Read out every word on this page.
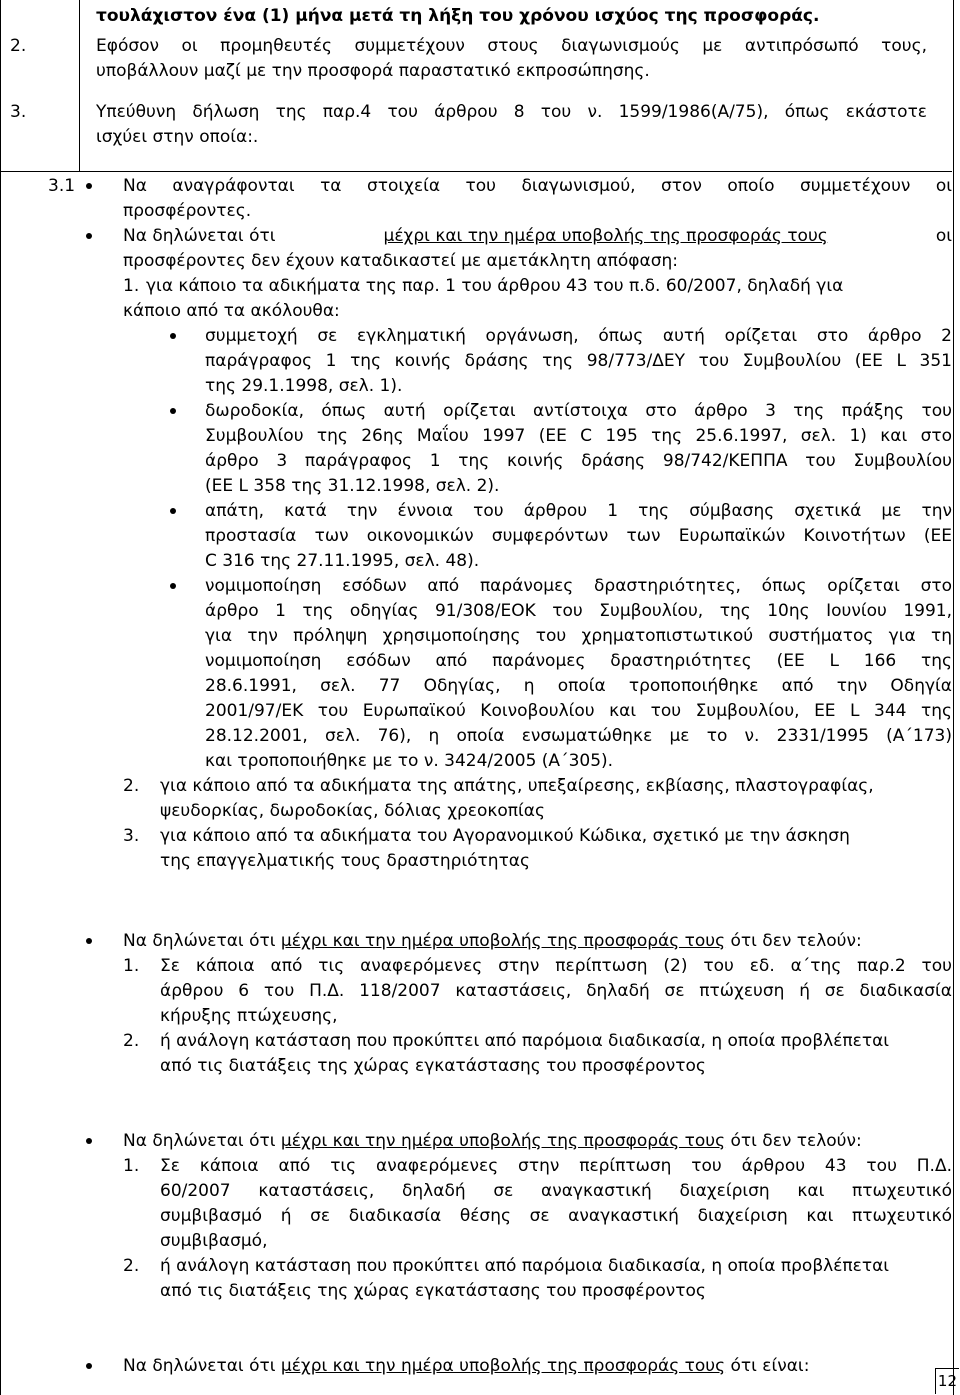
τουλάχιστον ένα (1) μήνα μετά τη λήξη του χρόνου ισχύος της προσφοράς.
2.	Εφόσον οι προμηθευτές συμμετέχουν στους διαγωνισμούς με αντιπρόσωπό τους,
υποβάλλουν μαζί με την προσφορά παραστατικό εκπροσώπησης.
3.	Υπεύθυνη δήλωση της παρ.4 του άρθρου 8 του ν. 1599/1986(Α/75), όπως εκάστοτε
ισχύει στην οποία:.
3.1	Να αναγράφονται τα στοιχεία του διαγωνισμού, στον οποίο συμμετέχουν οι
προσφέροντες.
Να δηλώνεται ότι	μέχρι και την ημέρα υποβολής της προσφοράς τους	οι
προσφέροντες δεν έχουν καταδικαστεί με αμετάκλητη απόφαση:
1. για κάποιο τα αδικήματα της παρ. 1 του άρθρου 43 του π.δ. 60/2007, δηλαδή για
κάποιο από τα ακόλουθα:
συμμετοχή σε εγκληματική οργάνωση, όπως αυτή ορίζεται στο άρθρο 2
παράγραφος 1 της κοινής δράσης της 98/773/ΔΕΥ του Συμβουλίου (ΕΕ L 351
της 29.1.1998, σελ. 1).
δωροδοκία, όπως αυτή ορίζεται αντίστοιχα στο άρθρο 3 της πράξης του
Συμβουλίου της 26ης Μαΐου 1997 (ΕΕ C 195 της 25.6.1997, σελ. 1) και στο
άρθρο 3 παράγραφος 1 της κοινής δράσης 98/742/ΚΕΠΠΑ του Συμβουλίου
(ΕΕ L 358 της 31.12.1998, σελ. 2).
απάτη, κατά την έννοια του άρθρου 1 της σύμβασης σχετικά με την
προστασία των οικονομικών συμφερόντων των Ευρωπαϊκών Κοινοτήτων (ΕΕ
C 316 της 27.11.1995, σελ. 48).
νομιμοποίηση εσόδων από παράνομες δραστηριότητες, όπως ορίζεται στο
άρθρο 1 της οδηγίας 91/308/ΕΟΚ του Συμβουλίου, της 10ης Ιουνίου 1991,
για την πρόληψη χρησιμοποίησης του χρηματοπιστωτικού συστήματος για τη
νομιμοποίηση εσόδων από παράνομες δραστηριότητες (ΕΕ L 166 της
28.6.1991, σελ. 77 Οδηγίας, η οποία τροποποιήθηκε από την Οδηγία
2001/97/ΕΚ του Ευρωπαϊκού Κοινοβουλίου και του Συμβουλίου, ΕΕ L 344 της
28.12.2001, σελ. 76), η οποία ενσωματώθηκε με το ν. 2331/1995 (Α΄173)
και τροποποιήθηκε με το ν. 3424/2005 (Α΄305).
2. για κάποιο από τα αδικήματα της απάτης, υπεξαίρεσης, εκβίασης, πλαστογραφίας,
ψευδορκίας, δωροδοκίας, δόλιας χρεοκοπίας
3. για κάποιο από τα αδικήματα του Αγορανομικού Κώδικα, σχετικό με την άσκηση
της επαγγελματικής τους δραστηριότητας
Να δηλώνεται ότι μέχρι και την ημέρα υποβολής της προσφοράς τους ότι δεν τελούν:
1. Σε κάποια από τις αναφερόμενες στην περίπτωση (2) του εδ. α΄της παρ.2 του
άρθρου 6 του Π.Δ. 118/2007 καταστάσεις, δηλαδή σε πτώχευση ή σε διαδικασία
κήρυξης πτώχευσης,
2. ή ανάλογη κατάσταση που προκύπτει από παρόμοια διαδικασία, η οποία προβλέπεται
από τις διατάξεις της χώρας εγκατάστασης του προσφέροντος
Να δηλώνεται ότι μέχρι και την ημέρα υποβολής της προσφοράς τους ότι δεν τελούν:
1. Σε κάποια από τις αναφερόμενες στην περίπτωση του άρθρου 43 του Π.Δ.
60/2007 καταστάσεις, δηλαδή σε αναγκαστική διαχείριση και πτωχευτικό
συμβιβασμό ή σε διαδικασία θέσης σε αναγκαστική διαχείριση και πτωχευτικό
συμβιβασμό,
2. ή ανάλογη κατάσταση που προκύπτει από παρόμοια διαδικασία, η οποία προβλέπεται
από τις διατάξεις της χώρας εγκατάστασης του προσφέροντος
Να δηλώνεται ότι μέχρι και την ημέρα υποβολής της προσφοράς τους ότι είναι:
12
